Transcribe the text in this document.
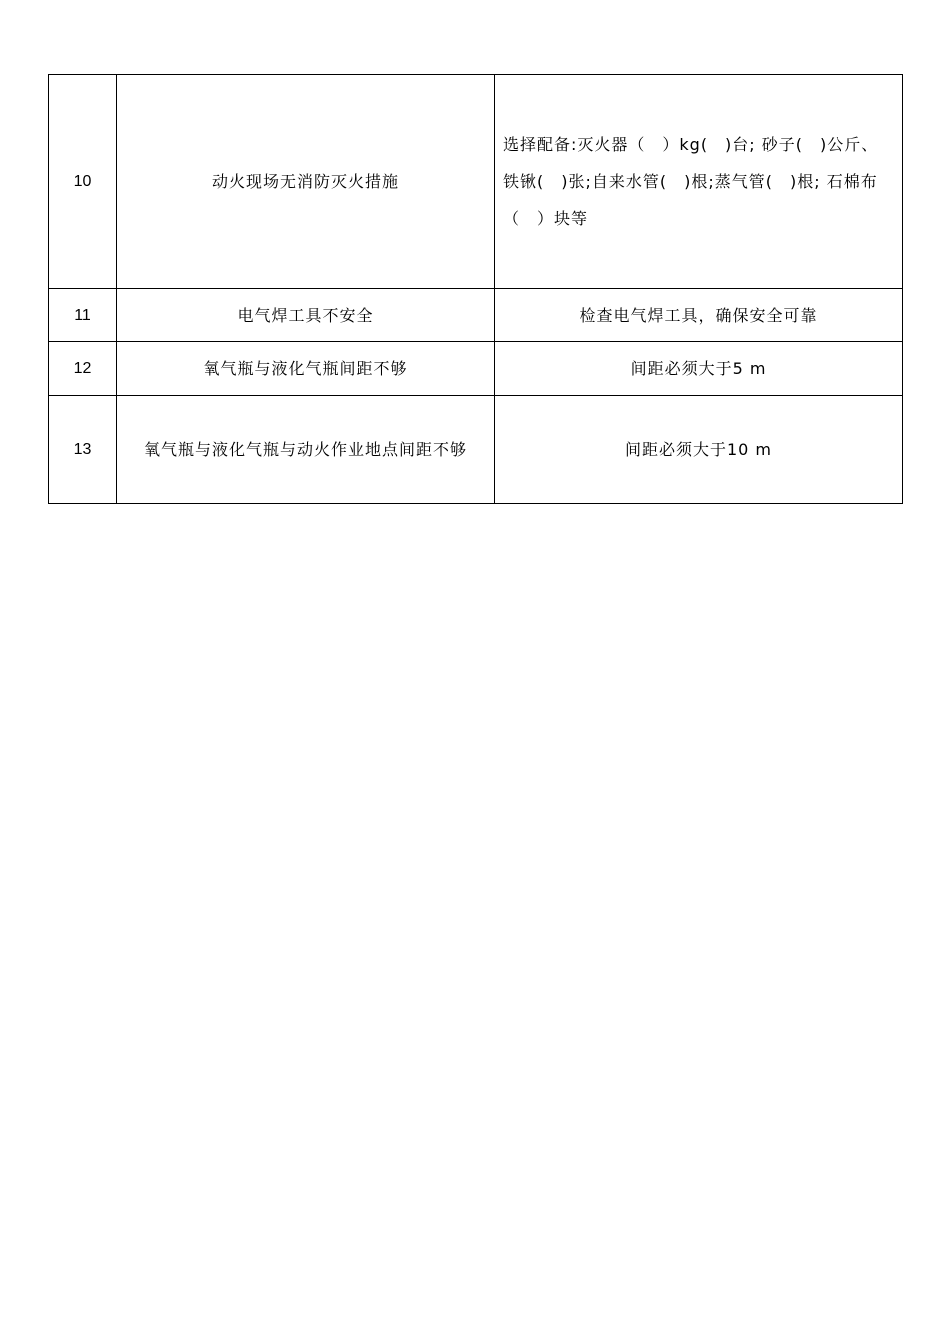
10	动火现场无消防灭火措施	选择配备:灭火器（　）kg(　)台; 砂子(　)公斤、铁锹(　)张;自来水管(　)根;蒸气管(　)根; 石棉布（　）块等
11	电气焊工具不安全	检查电气焊工具，确保安全可靠
12	氧气瓶与液化气瓶间距不够	间距必须大于5 m
13	氧气瓶与液化气瓶与动火作业地点间距不够	间距必须大于10 m
